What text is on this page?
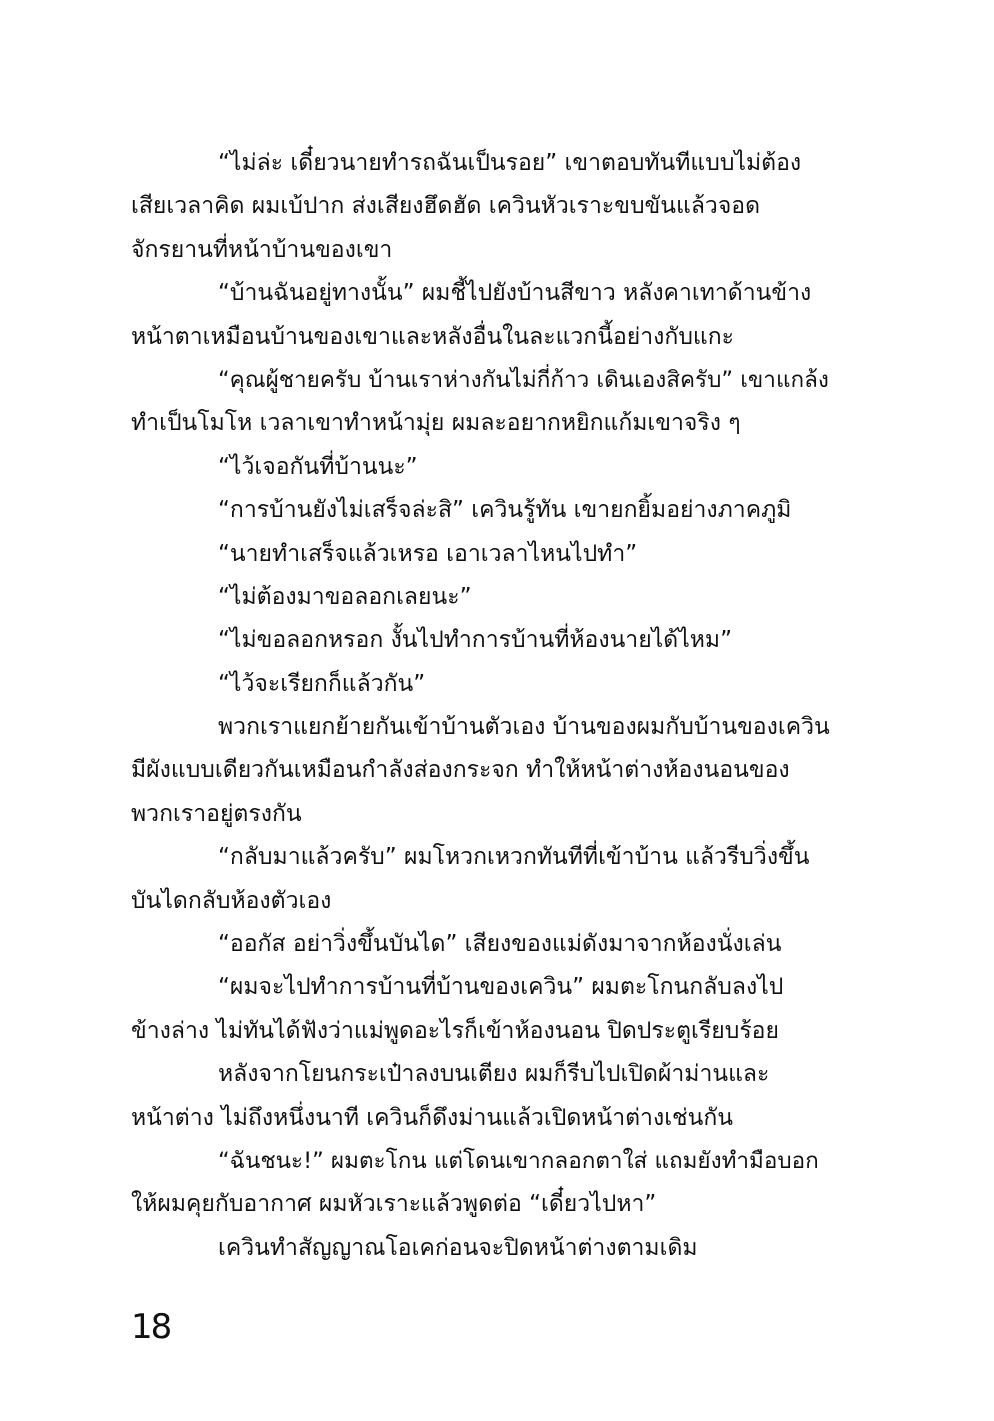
“ไม่ล่ะ เดี๋ยวนายทำรถฉันเป็นรอย” เขาตอบทันทีแบบไม่ต้อง
เสียเวลาคิด ผมเบ้ปาก ส่งเสียงฮึดฮัด เควินหัวเราะขบขันแล้วจอด
จักรยานที่หน้าบ้านของเขา
“บ้านฉันอยู่ทางนั้น” ผมชี้ไปยังบ้านสีขาว หลังคาเทาด้านข้าง
หน้าตาเหมือนบ้านของเขาและหลังอื่นในละแวกนี้อย่างกับแกะ
“คุณผู้ชายครับ บ้านเราห่างกันไม่กี่ก้าว เดินเองสิครับ” เขาแกล้ง
ทำเป็นโมโห เวลาเขาทำหน้ามุ่ย ผมละอยากหยิกแก้มเขาจริง ๆ
“ไว้เจอกันที่บ้านนะ”
“การบ้านยังไม่เสร็จล่ะสิ” เควินรู้ทัน เขายกยิ้มอย่างภาคภูมิ
“นายทำเสร็จแล้วเหรอ เอาเวลาไหนไปทำ”
“ไม่ต้องมาขอลอกเลยนะ”
“ไม่ขอลอกหรอก งั้นไปทำการบ้านที่ห้องนายได้ไหม”
“ไว้จะเรียกก็แล้วกัน”
พวกเราแยกย้ายกันเข้าบ้านตัวเอง บ้านของผมกับบ้านของเควิน
มีผังแบบเดียวกันเหมือนกำลังส่องกระจก ทำให้หน้าต่างห้องนอนของ
พวกเราอยู่ตรงกัน
“กลับมาแล้วครับ” ผมโหวกเหวกทันทีที่เข้าบ้าน แล้วรีบวิ่งขึ้น
บันไดกลับห้องตัวเอง
“ออกัส อย่าวิ่งขึ้นบันได” เสียงของแม่ดังมาจากห้องนั่งเล่น
“ผมจะไปทำการบ้านที่บ้านของเควิน” ผมตะโกนกลับลงไป
ข้างล่าง ไม่ทันได้ฟังว่าแม่พูดอะไรก็เข้าห้องนอน ปิดประตูเรียบร้อย
หลังจากโยนกระเป๋าลงบนเตียง ผมก็รีบไปเปิดผ้าม่านและ
หน้าต่าง ไม่ถึงหนึ่งนาที เควินก็ดึงม่านแล้วเปิดหน้าต่างเช่นกัน
“ฉันชนะ!” ผมตะโกน แต่โดนเขากลอกตาใส่ แถมยังทำมือบอก
ให้ผมคุยกับอากาศ ผมหัวเราะแล้วพูดต่อ “เดี๋ยวไปหา”
เควินทำสัญญาณโอเคก่อนจะปิดหน้าต่างตามเดิม
18
